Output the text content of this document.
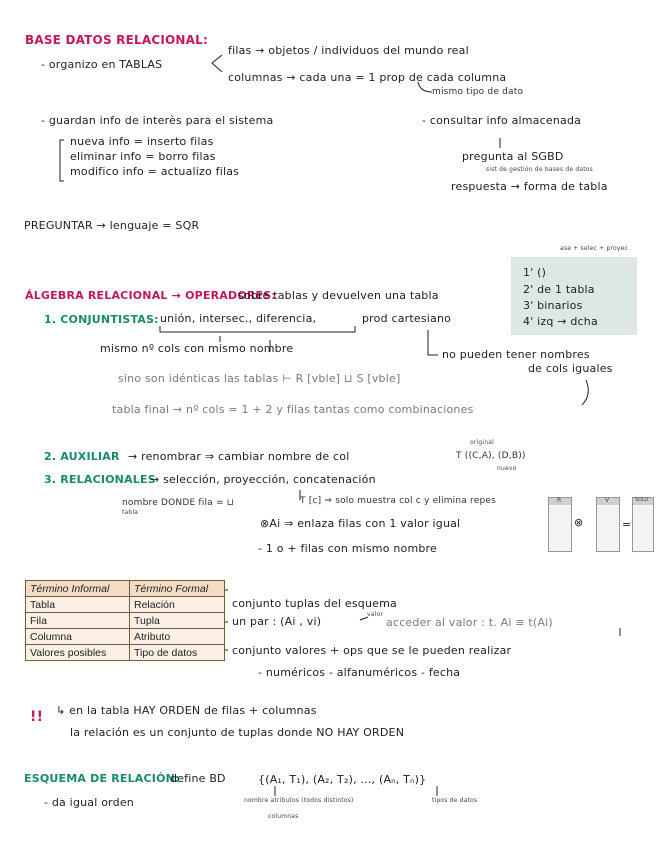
BASE DATOS RELACIONAL:
- organizo en TABLAS
filas → objetos / individuos del mundo real
columnas → cada una = 1 prop de cada columna
mismo tipo de dato
- guardan info de interès para el sistema
nueva info = inserto filas
eliminar info = borro filas
modifico info = actualizo filas
- consultar info almacenada
pregunta al SGBD
sist de gestión de bases de datos
respuesta → forma de tabla
PREGUNTAR → lenguaje = SQR
ase + selec + proyec
1' ()
2' de 1 tabla
3' binarios
4' izq → dcha
ÁLGEBRA RELACIONAL → OPERADORES:
sobre tablas y devuelven una tabla
1. CONJUNTISTAS: unión, intersec., diferencia,	prod cartesiano
mismo nº cols con mismo nombre	no pueden tener nombres
de cols iguales
sino son idénticas las tablas ⊢ R [vble] ⊔ S [vble]
tabla final → nº cols = 1 + 2 y filas tantas como combinaciones
2. AUXILIAR → renombrar ⇒ cambiar nombre de col
original
T ((C,A), (D,B))
nuevo
3. RELACIONALES
→ selección, proyección, concatenación
nombre DONDE fila = ⊔
tabla
T [c] ⇒ solo muestra col c y elimina repes
⊗Ai ⇒ enlaza filas con 1 valor igual
- 1 o + filas con mismo nombre
R
⊗
V
=
SOLU
Término Informal	Término Formal
Tabla	Relación
Fila	Tupla
Columna	Atributo
Valores posibles	Tipo de datos
conjunto tuplas del esquema
un par : (Ai , vi)
valor
acceder al valor : t. Ai ≡ t(Ai)
conjunto valores + ops que se le pueden realizar
- numéricos - alfanuméricos - fecha
!! ↳ en la tabla HAY ORDEN de filas + columnas
la relación es un conjunto de tuplas donde NO HAY ORDEN
ESQUEMA DE RELACIÓN:
define BD	{(A₁, T₁), (A₂, T₂), ..., (Aₙ, Tₙ)}
- da igual orden	nombre atributos (todos distintos)
columnas
tipos de datos
